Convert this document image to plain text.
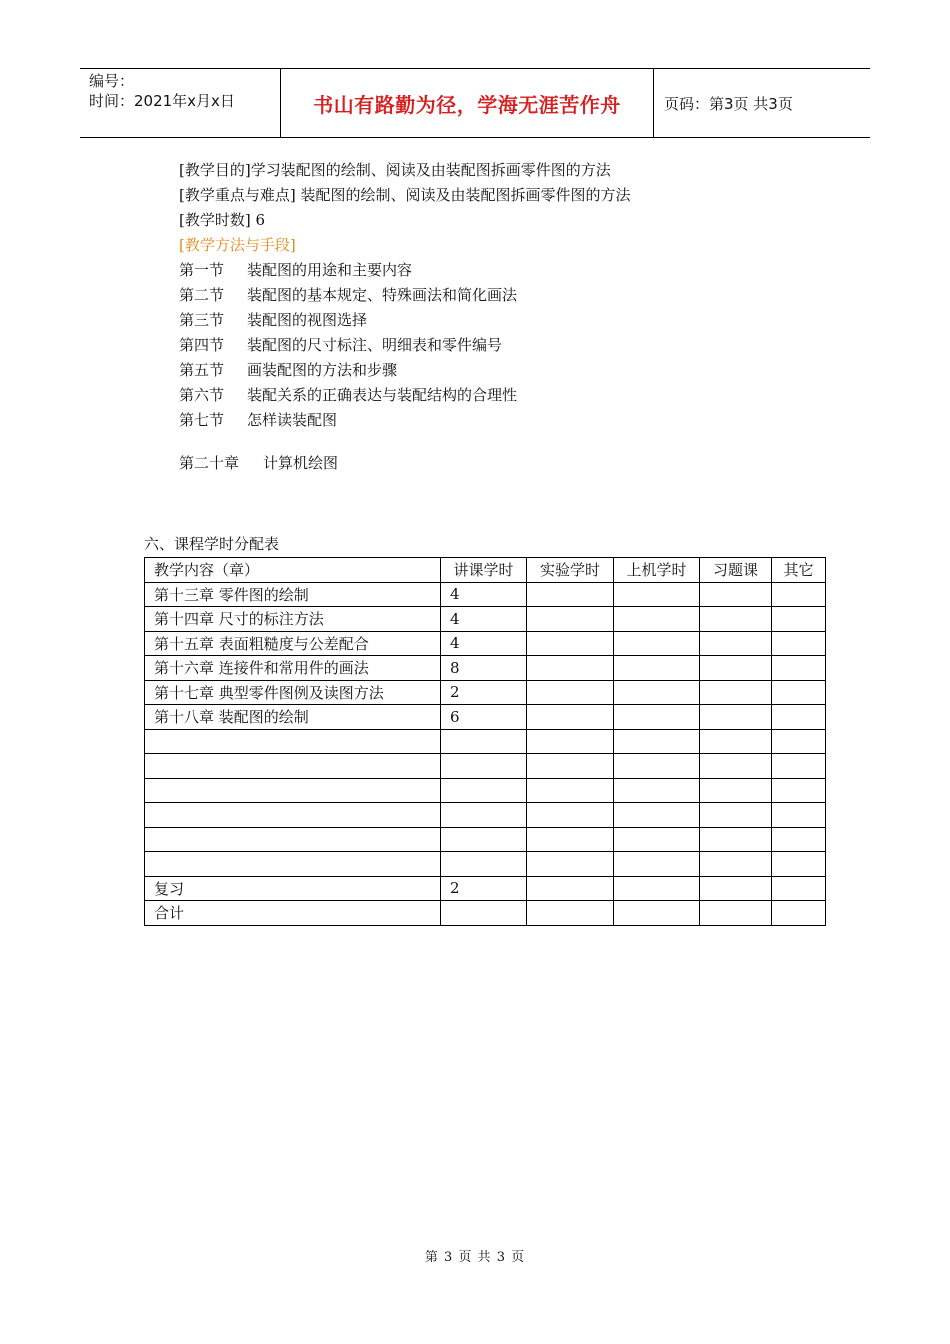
编号：
时间：2021年x月x日	书山有路勤为径，学海无涯苦作舟	页码：第3页 共3页
[教学目的]学习装配图的绘制、阅读及由装配图拆画零件图的方法
[教学重点与难点] 装配图的绘制、阅读及由装配图拆画零件图的方法
[教学时数] 6
[教学方法与手段]
第一节	装配图的用途和主要内容
第二节	装配图的基本规定、特殊画法和简化画法
第三节	装配图的视图选择
第四节	装配图的尺寸标注、明细表和零件编号
第五节	画装配图的方法和步骤
第六节	装配关系的正确表达与装配结构的合理性
第七节	怎样读装配图
第二十章	计算机绘图
六、课程学时分配表
教学内容（章）	讲课学时	实验学时	上机学时	习题课	其它
第十三章 零件图的绘制	4				
第十四章 尺寸的标注方法	4				
第十五章 表面粗糙度与公差配合	4				
第十六章 连接件和常用件的画法	8				
第十七章 典型零件图例及读图方法	2				
第十八章 装配图的绘制	6				

复习	2				
合计					
第 3 页 共 3 页
